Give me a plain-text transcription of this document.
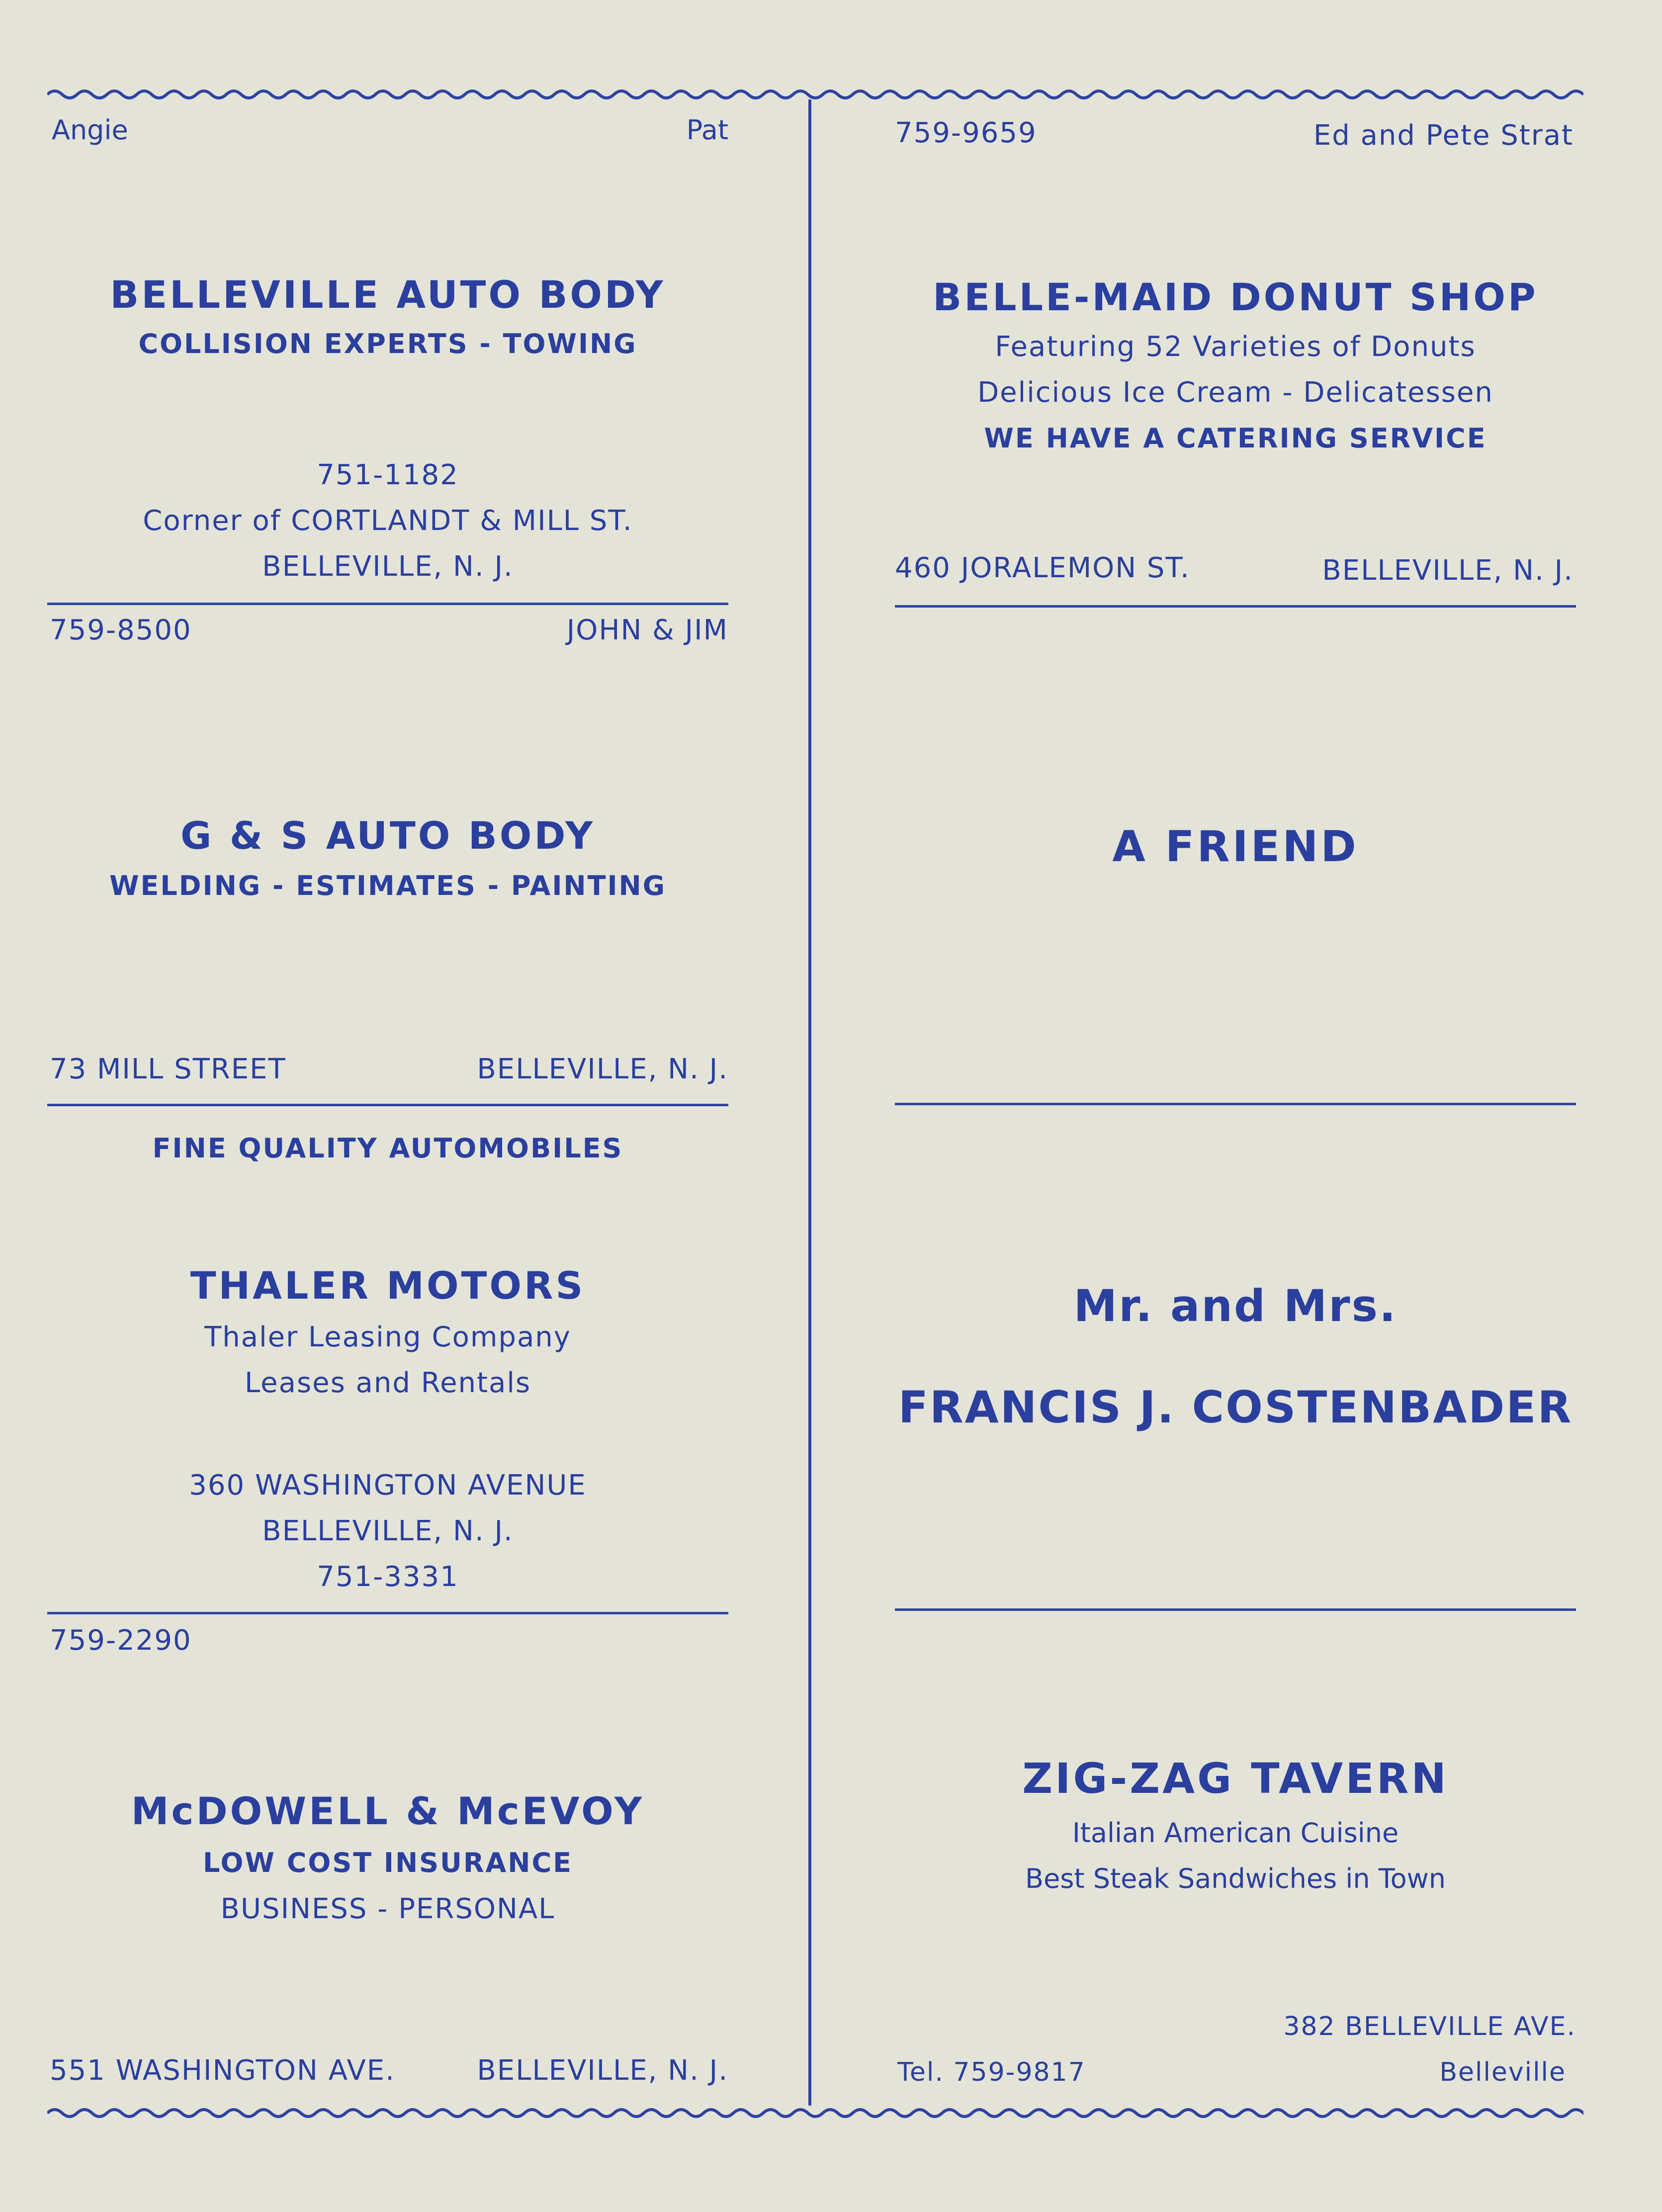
Angie	Pat
BELLEVILLE AUTO BODY
COLLISION EXPERTS - TOWING
751-1182
Corner of CORTLANDT & MILL ST.
BELLEVILLE, N. J.
759-8500	JOHN & JIM
G & S AUTO BODY
WELDING - ESTIMATES - PAINTING
73 MILL STREET	BELLEVILLE, N. J.
FINE QUALITY AUTOMOBILES
THALER MOTORS
Thaler Leasing Company
Leases and Rentals
360 WASHINGTON AVENUE
BELLEVILLE, N. J.
751-3331
759-2290
McDOWELL & McEVOY
LOW COST INSURANCE
BUSINESS - PERSONAL
551 WASHINGTON AVE.	BELLEVILLE, N. J.
759-9659	Ed and Pete Strat
BELLE-MAID DONUT SHOP
Featuring 52 Varieties of Donuts
Delicious Ice Cream - Delicatessen
WE HAVE A CATERING SERVICE
460 JORALEMON ST.	BELLEVILLE, N. J.
A FRIEND
Mr. and Mrs.
FRANCIS J. COSTENBADER
ZIG-ZAG TAVERN
Italian American Cuisine
Best Steak Sandwiches in Town
382 BELLEVILLE AVE.
Tel. 759-9817	Belleville
